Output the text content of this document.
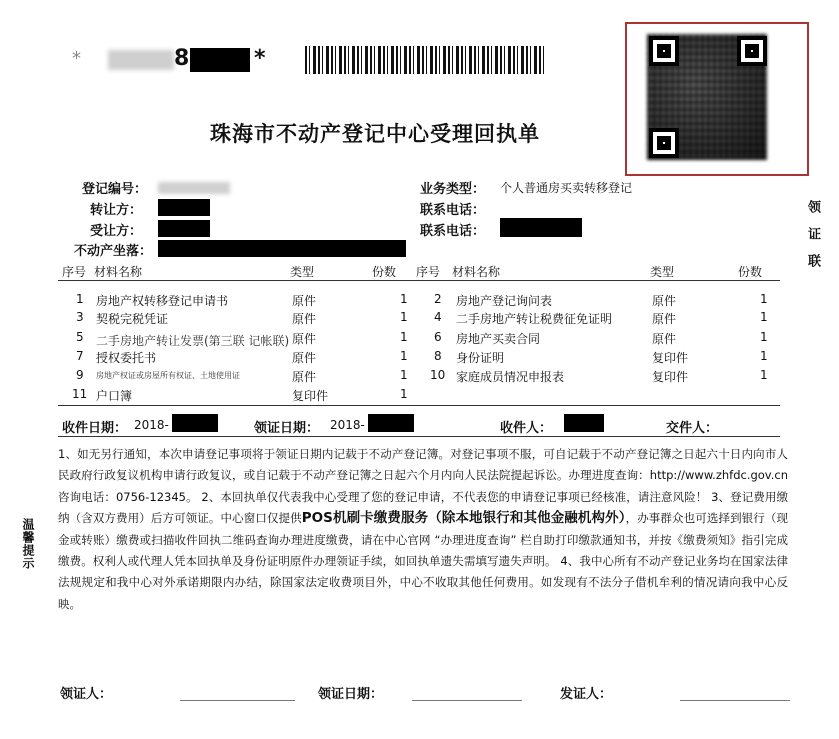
*	8	*
珠海市不动产登记中心受理回执单
登记编号：
转让方：
受让方：
不动产坐落：
业务类型： 个人普通房买卖转移登记
联系电话：
联系电话：	领证联
温馨提示
序号 材料名称	类型	份数 序号 材料名称	类型	份数
1 房地产权转移登记申请书	原件	1
3 契税完税凭证	原件	1
5 二手房地产转让发票(第三联 记帐联) 原件	1
7 授权委托书	原件	1
9 房地产权证或房屋所有权证、土地使用证	原件	1
11 户口簿	复印件	1
2 房地产登记询问表	原件	1
4 二手房地产转让税费征免证明	原件	1
6 房地产买卖合同	原件	1
8 身份证明	复印件	1
10 家庭成员情况申报表	复印件	1
收件日期： 2018-	领证日期： 2018-	收件人：	交件人：
1、如无另行通知，本次申请登记事项将于领证日期内记载于不动产登记簿。对登记事项不服，可自记载于不动产登记簿之日起六十日内向市人民政府行政复议机构申请行政复议，或自记载于不动产登记簿之日起六个月内向人民法院提起诉讼。办理进度查询：http://www.zhfdc.gov.cn 咨询电话：0756-12345。 2、本回执单仅代表我中心受理了您的登记申请，不代表您的申请登记事项已经核准，请注意风险！ 3、登记费用缴纳（含双方费用）后方可领证。中心窗口仅提供POS机刷卡缴费服务（除本地银行和其他金融机构外），办事群众也可选择到银行（现金或转账）缴费或扫描收件回执二维码查询办理进度缴费，请在中心官网 “办理进度查询” 栏自助打印缴款通知书，并按《缴费须知》指引完成缴费。权利人或代理人凭本回执单及身份证明原件办理领证手续，如回执单遗失需填写遗失声明。 4、我中心所有不动产登记业务均在国家法律法规规定和我中心对外承诺期限内办结，除国家法定收费项目外，中心不收取其他任何费用。如发现有不法分子借机牟利的情况请向我中心反映。
领证人：	领证日期：	发证人：
